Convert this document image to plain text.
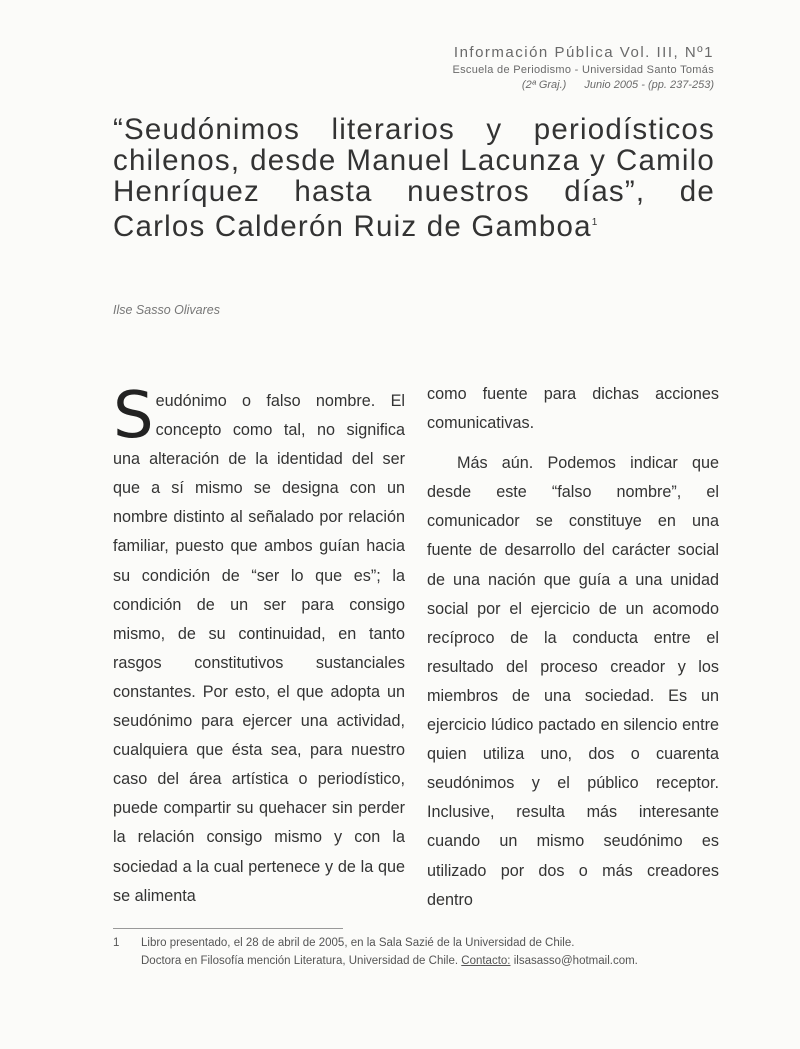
Información Pública Vol. III, Nº1
Escuela de Periodismo - Universidad Santo Tomás
(2ª Graj.) Junio 2005 - (pp. 237-253)
“Seudónimos literarios y periodísticos chilenos, desde Manuel Lacunza y Camilo Henríquez hasta nuestros días”, de Carlos Calderón Ruiz de Gamboa$^1$
Ilse Sasso Olivares

Seudónimo o falso nombre. El concepto como tal, no significa una alteración de la identidad del ser que a sí mismo se designa con un nombre distinto al señalado por relación familiar, puesto que ambos guían hacia su condición de “ser lo que es”; la condición de un ser para consigo mismo, de su continuidad, en tanto rasgos constitutivos sustanciales constantes. Por esto, el que adopta un seudónimo para ejercer una actividad, cualquiera que ésta sea, para nuestro caso del área artística o periodístico, puede compartir su quehacer sin perder la relación consigo mismo y con la sociedad a la cual pertenece y de la que se alimenta

como fuente para dichas acciones comunicativas.

Más aún. Podemos indicar que desde este “falso nombre”, el comunicador se constituye en una fuente de desarrollo del carácter social de una nación que guía a una unidad social por el ejercicio de un acomodo recíproco de la conducta entre el resultado del proceso creador y los miembros de una sociedad. Es un ejercicio lúdico pactado en silencio entre quien utiliza uno, dos o cuarenta seudónimos y el público receptor. Inclusive, resulta más interesante cuando un mismo seudónimo es utilizado por dos o más creadores dentro

1 Libro presentado, el 28 de abril de 2005, en la Sala Sazié de la Universidad de Chile.
Doctora en Filosofía mención Literatura, Universidad de Chile. Contacto: ilsasasso@hotmail.com.
